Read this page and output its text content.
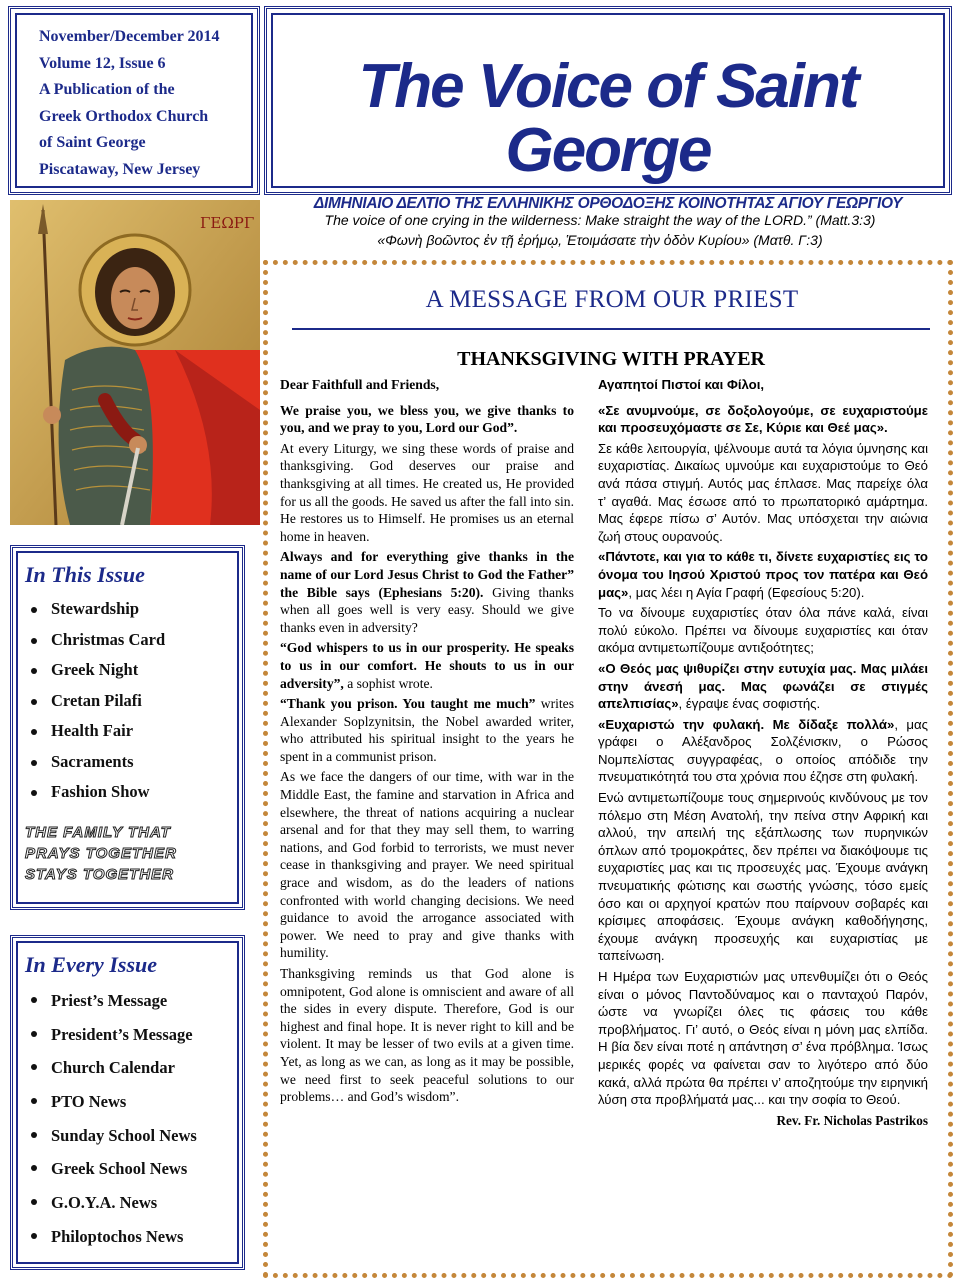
November/December 2014
Volume 12, Issue 6
A Publication of the
Greek Orthodox Church
of Saint George
Piscataway, New Jersey
The Voice of Saint George
ΔΙΜΗΝΙΑΙΟ ΔΕΛΤΙΟ ΤΗΣ ΕΛΛΗΝΙΚΗΣ ΟΡΘΟΔΟΞΗΣ ΚΟΙΝΟΤΗΤΑΣ ΑΓΙΟΥ ΓΕΩΡΓΙΟΥ
ΓΕΩΡΓ	The voice of one crying in the wilderness: Make straight the way of the LORD.” (Matt.3:3)
«Φωνὴ βοῶντος ἐν τῇ ἐρήμῳ, Ἑτοιμάσατε τὴν ὁδὸν Κυρίου» (Ματθ. Γ:3)
A MESSAGE FROM OUR PRIEST
THANKSGIVING WITH PRAYER

Dear Faithfull and Friends,

We praise you, we bless you, we give thanks to you, and we pray to you, Lord our God”.

At every Liturgy, we sing these words of praise and thanksgiving. God deserves our praise and thanksgiving at all times. He created us, He provided for us all the goods. He saved us after the fall into sin. He restores us to Himself. He promises us an eternal home in heaven.

Always and for everything give thanks in the name of our Lord Jesus Christ to God the Father” the Bible says (Ephesians 5:20). Giving thanks when all goes well is very easy. Should we give thanks even in adversity?

“God whispers to us in our prosperity. He speaks to us in our comfort. He shouts to us in our adversity”, a sophist wrote.

“Thank you prison. You taught me much” writes Alexander Soplzynitsin, the Nobel awarded writer, who attributed his spiritual insight to the years he spent in a communist prison.

As we face the dangers of our time, with war in the Middle East, the famine and starvation in Africa and elsewhere, the threat of nations acquiring a nuclear arsenal and for that they may sell them, to warring nations, and God forbid to terrorists, we must never cease in thanksgiving and prayer. We need spiritual grace and wisdom, as do the leaders of nations confronted with world changing decisions. We need guidance to avoid the arrogance associated with power. We need to pray and give thanks with humility.

Thanksgiving reminds us that God alone is omnipotent, God alone is omniscient and aware of all the sides in every dispute. Therefore, God is our highest and final hope. It is never right to kill and be violent. It may be lesser of two evils at a given time. Yet, as long as we can, as long as it may be possible, we need first to seek peaceful solutions to our problems… and God’s wisdom”.

Αγαπητοί Πιστοί και Φίλοι,

«Σε ανυμνούμε, σε δοξολογούμε, σε ευχαριστούμε και προσευχόμαστε σε Σε, Κύριε και Θεέ μας».

Σε κάθε λειτουργία, ψέλνουμε αυτά τα λόγια ύμνησης και ευχαριστίας. Δικαίως υμνούμε και ευχαριστούμε το Θεό ανά πάσα στιγμή. Αυτός μας έπλασε. Μας παρείχε όλα τ’ αγαθά. Μας έσωσε από το πρωπατορικό αμάρτημα. Μας έφερε πίσω σ’ Αυτόν. Μας υπόσχεται την αιώνια ζωή στους ουρανούς.

«Πάντοτε, και για το κάθε τι, δίνετε ευχαριστίες εις το όνομα του Ιησού Χριστού προς τον πατέρα και Θεό μας», μας λέει η Αγία Γραφή (Εφεσίους 5:20).

Το να δίνουμε ευχαριστίες όταν όλα πάνε καλά, είναι πολύ εύκολο. Πρέπει να δίνουμε ευχαριστίες και όταν ακόμα αντιμετωπίζουμε αντιξοότητες;

«Ο Θεός μας ψιθυρίζει στην ευτυχία μας. Μας μιλάει στην άνεσή μας. Μας φωνάζει σε στιγμές απελπισίας», έγραψε ένας σοφιστής.

«Ευχαριστώ την φυλακή. Με δίδαξε πολλά», μας γράφει ο Αλέξανδρος Σολζένισκιν, ο Ρώσος Νομπελίστας συγγραφέας, ο οποίος απόδιδε την πνευματικότητά του στα χρόνια που έζησε στη φυλακή.

Ενώ αντιμετωπίζουμε τους σημερινούς κινδύνους με τον πόλεμο στη Μέση Ανατολή, την πείνα στην Αφρική και αλλού, την απειλή της εξάπλωσης των πυρηνικών όπλων από τρομοκράτες, δεν πρέπει να διακόψουμε τις ευχαριστίες μας και τις προσευχές μας. Έχουμε ανάγκη πνευματικής φώτισης και σωστής γνώσης, τόσο εμείς όσο και οι αρχηγοί κρατών που παίρνουν σοβαρές και κρίσιμες αποφάσεις. Έχουμε ανάγκη καθοδήγησης, έχουμε ανάγκη προσευχής και ευχαριστίας με ταπείνωση.

Η Ημέρα των Ευχαριστιών μας υπενθυμίζει ότι ο Θεός είναι ο μόνος Παντοδύναμος και ο πανταχού Παρόν, ώστε να γνωρίζει όλες τις φάσεις του κάθε προβλήματος. Γι’ αυτό, ο Θεός είναι η μόνη μας ελπίδα. Η βία δεν είναι ποτέ η απάντηση σ’ ένα πρόβλημα. Ίσως μερικές φορές να φαίνεται σαν το λιγότερο από δύο κακά, αλλά πρώτα θα πρέπει ν’ αποζητούμε την ειρηνική λύση στα προβλήματά μας... και την σοφία το Θεού.

Rev. Fr. Nicholas Pastrikos

In This Issue
Stewardship
Christmas Card
Greek Night
Cretan Pilafi
Health Fair
Sacraments
Fashion Show
THE FAMILY THAT
PRAYS TOGETHER
STAYS TOGETHER
In Every Issue
Priest’s Message
President’s Message
Church Calendar
PTO News
Sunday School News
Greek School News
G.O.Y.A. News
Philoptochos News
